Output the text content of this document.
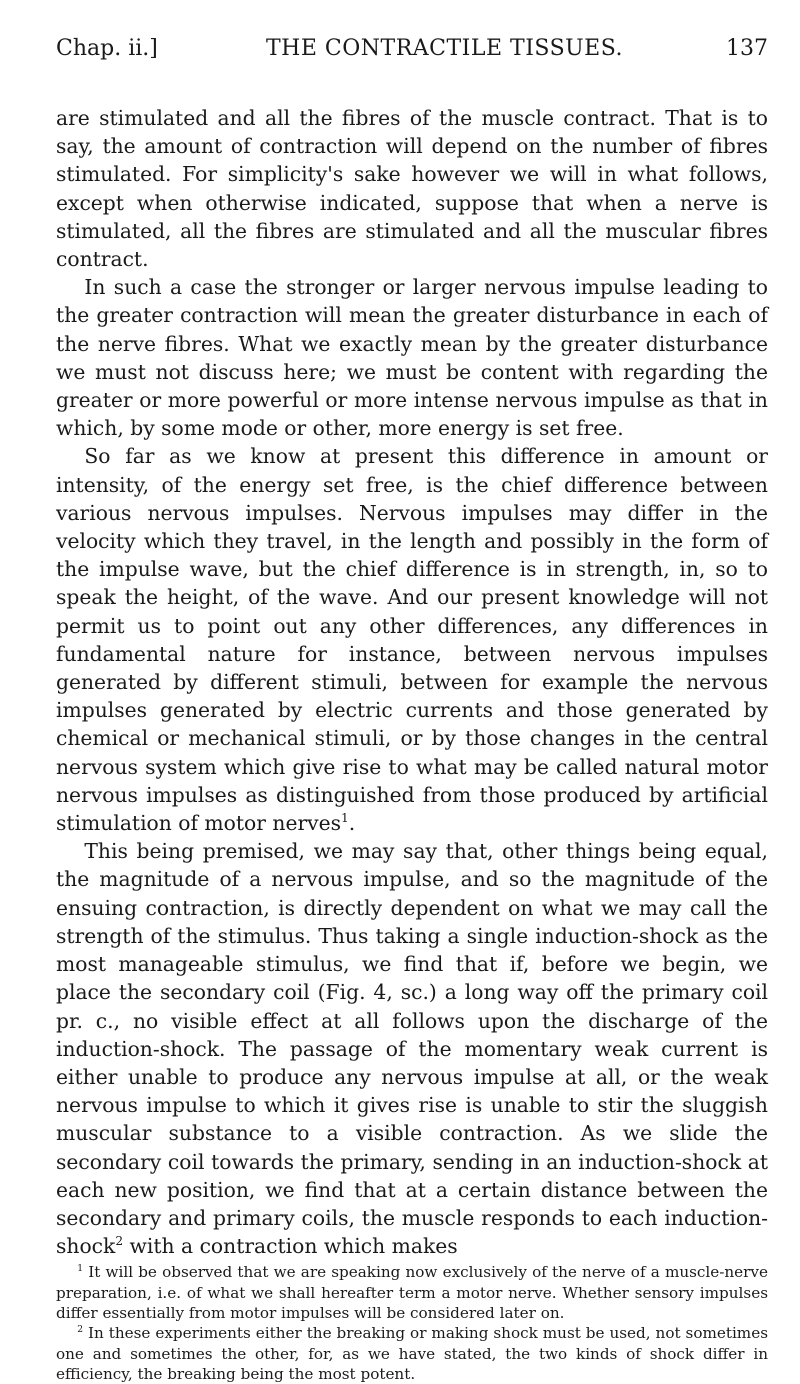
Chap. ii.]	THE CONTRACTILE TISSUES.	137

are stimulated and all the fibres of the muscle contract. That is to say, the amount of contraction will depend on the number of fibres stimulated. For simplicity's sake however we will in what follows, except when otherwise indicated, suppose that when a nerve is stimulated, all the fibres are stimulated and all the muscular fibres contract.

In such a case the stronger or larger nervous impulse leading to the greater contraction will mean the greater disturbance in each of the nerve fibres. What we exactly mean by the greater disturbance we must not discuss here; we must be content with regarding the greater or more powerful or more intense nervous impulse as that in which, by some mode or other, more energy is set free.

So far as we know at present this difference in amount or intensity, of the energy set free, is the chief difference between various nervous impulses. Nervous impulses may differ in the velocity which they travel, in the length and possibly in the form of the impulse wave, but the chief difference is in strength, in, so to speak the height, of the wave. And our present knowledge will not permit us to point out any other differences, any differences in fundamental nature for instance, between nervous impulses generated by different stimuli, between for example the nervous impulses generated by electric currents and those generated by chemical or mechanical stimuli, or by those changes in the central nervous system which give rise to what may be called natural motor nervous impulses as distinguished from those produced by artificial stimulation of motor nerves$^1$.

This being premised, we may say that, other things being equal, the magnitude of a nervous impulse, and so the magnitude of the ensuing contraction, is directly dependent on what we may call the strength of the stimulus. Thus taking a single induction-shock as the most manageable stimulus, we find that if, before we begin, we place the secondary coil (Fig. 4, sc.) a long way off the primary coil pr. c., no visible effect at all follows upon the discharge of the induction-shock. The passage of the momentary weak current is either unable to produce any nervous impulse at all, or the weak nervous impulse to which it gives rise is unable to stir the sluggish muscular substance to a visible contraction. As we slide the secondary coil towards the primary, sending in an induction-shock at each new position, we find that at a certain distance between the secondary and primary coils, the muscle responds to each induction-shock$^2$ with a contraction which makes

$^1$ It will be observed that we are speaking now exclusively of the nerve of a muscle-nerve preparation, i.e. of what we shall hereafter term a motor nerve. Whether sensory impulses differ essentially from motor impulses will be considered later on.

$^2$ In these experiments either the breaking or making shock must be used, not sometimes one and sometimes the other, for, as we have stated, the two kinds of shock differ in efficiency, the breaking being the most potent.
